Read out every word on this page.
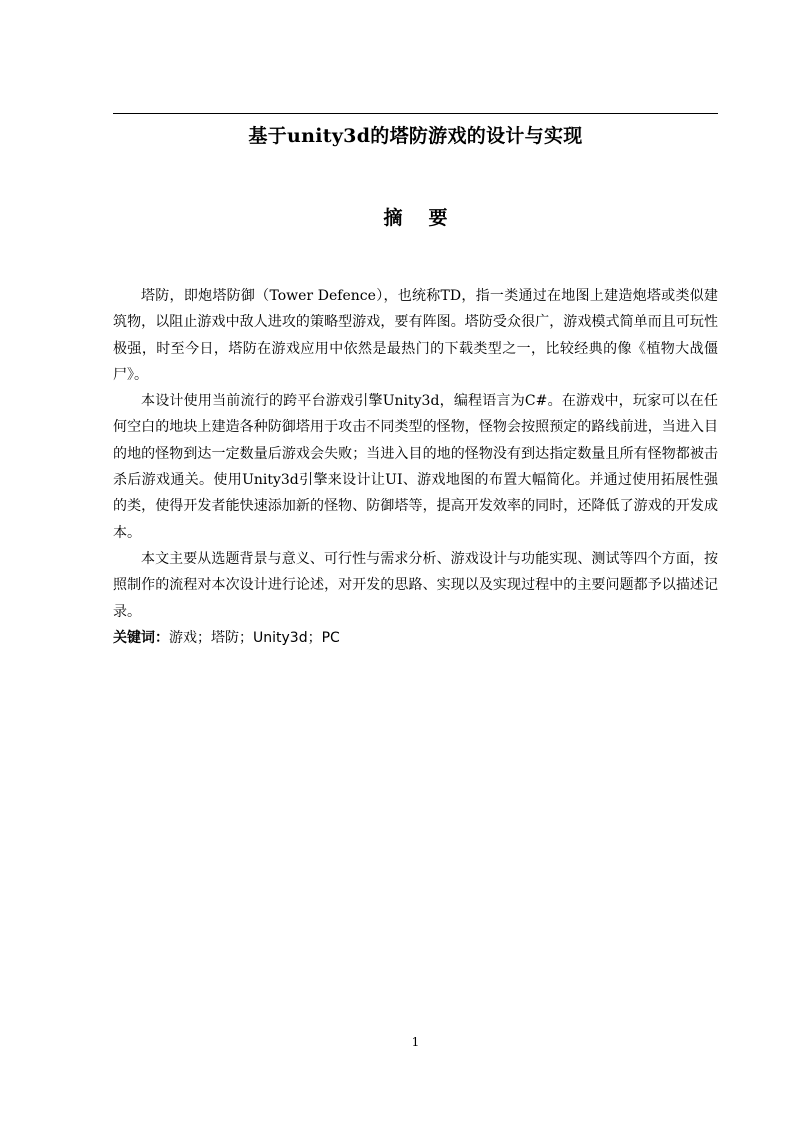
基于unity3d的塔防游戏的设计与实现
摘要

塔防，即炮塔防御（Tower Defence），也统称TD，指一类通过在地图上建造炮塔或类似建筑物，以阻止游戏中敌人进攻的策略型游戏，要有阵图。塔防受众很广，游戏模式简单而且可玩性极强，时至今日，塔防在游戏应用中依然是最热门的下载类型之一，比较经典的像《植物大战僵尸》。

本设计使用当前流行的跨平台游戏引擎Unity3d，编程语言为C#。在游戏中，玩家可以在任何空白的地块上建造各种防御塔用于攻击不同类型的怪物，怪物会按照预定的路线前进，当进入目的地的怪物到达一定数量后游戏会失败；当进入目的地的怪物没有到达指定数量且所有怪物都被击杀后游戏通关。使用Unity3d引擎来设计让UI、游戏地图的布置大幅简化。并通过使用拓展性强的类，使得开发者能快速添加新的怪物、防御塔等，提高开发效率的同时，还降低了游戏的开发成本。

本文主要从选题背景与意义、可行性与需求分析、游戏设计与功能实现、测试等四个方面，按照制作的流程对本次设计进行论述，对开发的思路、实现以及实现过程中的主要问题都予以描述记录。

关键词：游戏；塔防；Unity3d；PC
1
